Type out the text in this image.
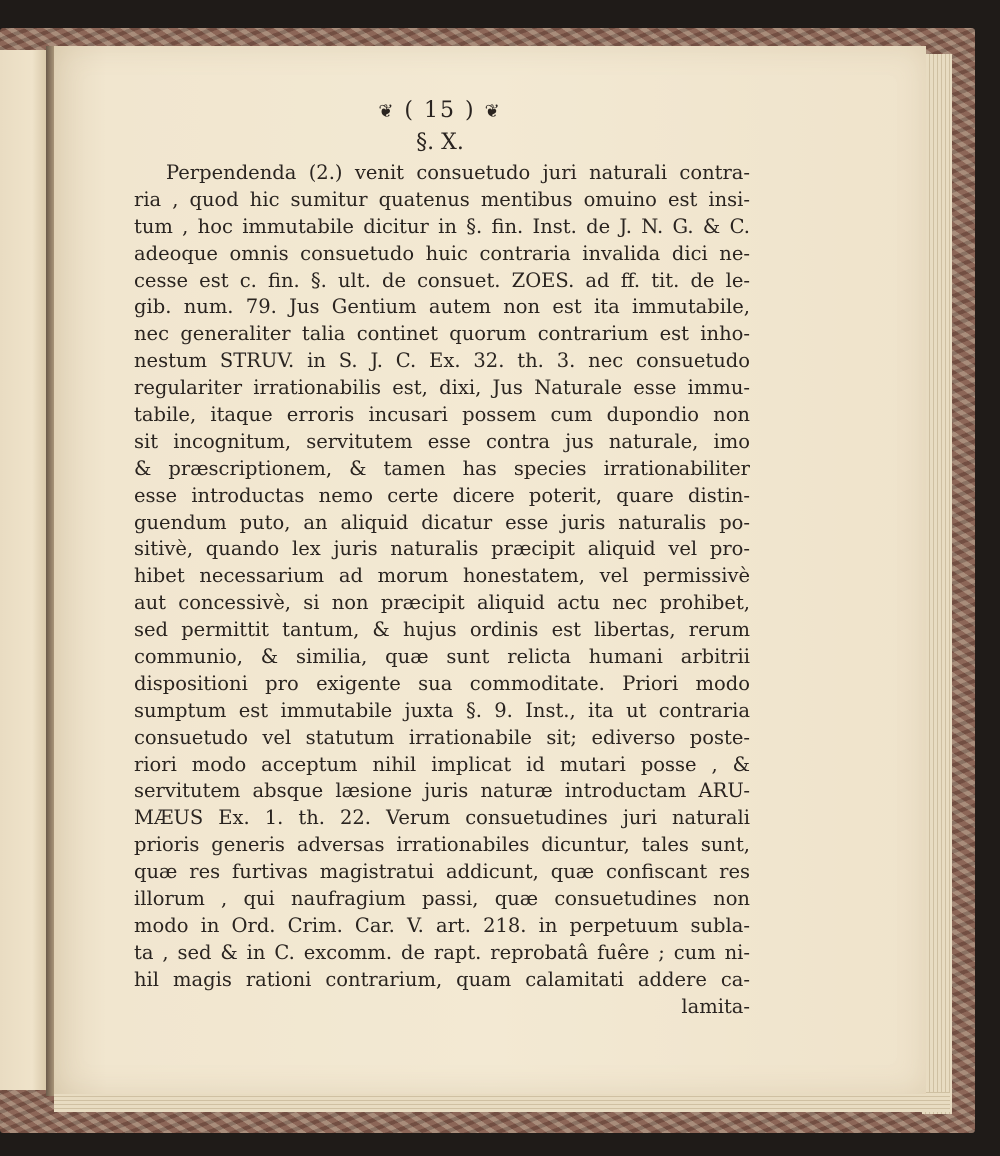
❦ ( 15 ) ❦
§. X.
Perpendenda (2.) venit consuetudo juri naturali contra-
ria , quod hic sumitur quatenus mentibus omuino est insi-
tum , hoc immutabile dicitur in §. fin. Inst. de J. N. G. & C.
adeoque omnis consuetudo huic contraria invalida dici ne-
cesse est c. fin. §. ult. de consuet. ZOES. ad ff. tit. de le-
gib. num. 79. Jus Gentium autem non est ita immutabile,
nec generaliter talia continet quorum contrarium est inho-
nestum STRUV. in S. J. C. Ex. 32. th. 3. nec consuetudo
regulariter irrationabilis est, dixi, Jus Naturale esse immu-
tabile, itaque erroris incusari possem cum dupondio non
sit incognitum, servitutem esse contra jus naturale, imo
& præscriptionem, & tamen has species irrationabiliter
esse introductas nemo certe dicere poterit, quare distin-
guendum puto, an aliquid dicatur esse juris naturalis po-
sitivè, quando lex juris naturalis præcipit aliquid vel pro-
hibet necessarium ad morum honestatem, vel permissivè
aut concessivè, si non præcipit aliquid actu nec prohibet,
sed permittit tantum, & hujus ordinis est libertas, rerum
communio, & similia, quæ sunt relicta humani arbitrii
dispositioni pro exigente sua commoditate. Priori modo
sumptum est immutabile juxta §. 9. Inst., ita ut contraria
consuetudo vel statutum irrationabile sit; ediverso poste-
riori modo acceptum nihil implicat id mutari posse , &
servitutem absque læsione juris naturæ introductam ARU-
MÆUS Ex. 1. th. 22. Verum consuetudines juri naturali
prioris generis adversas irrationabiles dicuntur, tales sunt,
quæ res furtivas magistratui addicunt, quæ confiscant res
illorum , qui naufragium passi, quæ consuetudines non
modo in Ord. Crim. Car. V. art. 218. in perpetuum subla-
ta , sed & in C. excomm. de rapt. reprobatâ fuêre ; cum ni-
hil magis rationi contrarium, quam calamitati addere ca-
lamita-
